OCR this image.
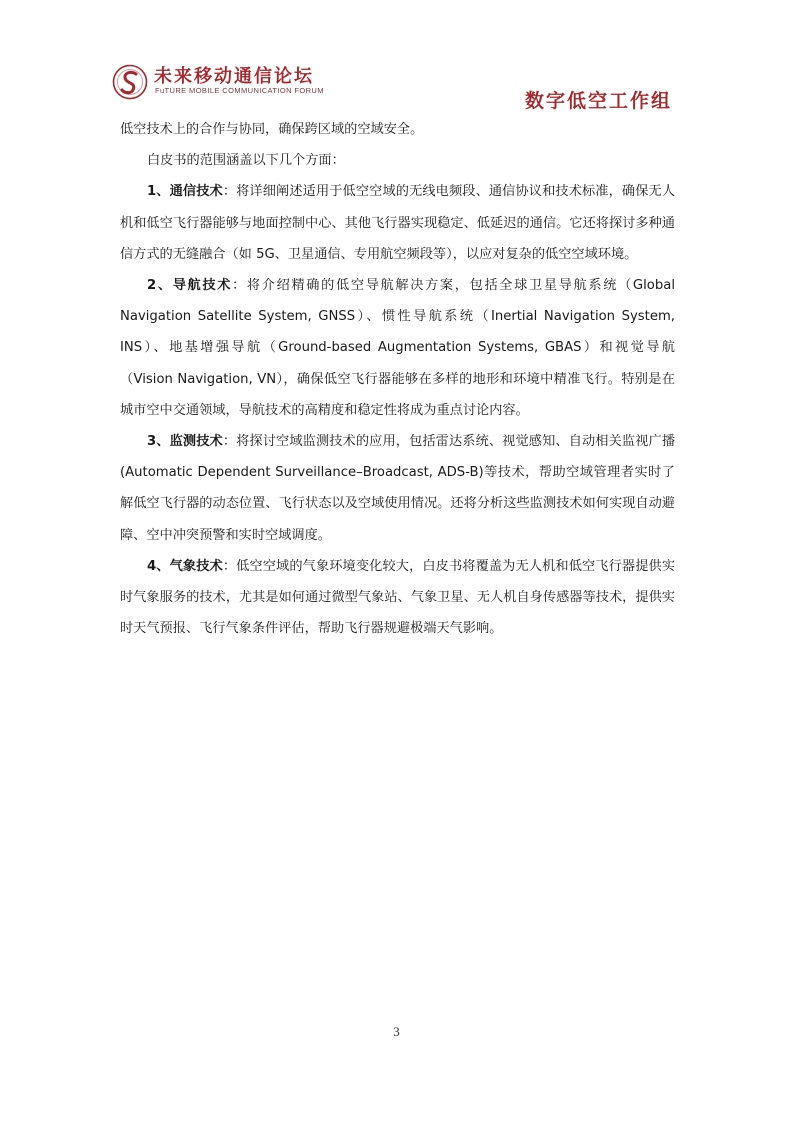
未来移动通信论坛
FuTURE MOBILE COMMUNICATION FORUM	数字低空工作组

低空技术上的合作与协同，确保跨区域的空域安全。

白皮书的范围涵盖以下几个方面：

1、通信技术：将详细阐述适用于低空空域的无线电频段、通信协议和技术标准，确保无人机和低空飞行器能够与地面控制中心、其他飞行器实现稳定、低延迟的通信。它还将探讨多种通信方式的无缝融合（如 5G、卫星通信、专用航空频段等），以应对复杂的低空空域环境。

2、导航技术：将介绍精确的低空导航解决方案，包括全球卫星导航系统（Global Navigation Satellite System, GNSS）、惯性导航系统（Inertial Navigation System, INS）、地基增强导航（Ground-based Augmentation Systems, GBAS）和视觉导航（Vision Navigation, VN），确保低空飞行器能够在多样的地形和环境中精准飞行。特别是在城市空中交通领域，导航技术的高精度和稳定性将成为重点讨论内容。

3、监测技术：将探讨空域监测技术的应用，包括雷达系统、视觉感知、自动相关监视广播(Automatic Dependent Surveillance–Broadcast, ADS-B)等技术，帮助空域管理者实时了解低空飞行器的动态位置、飞行状态以及空域使用情况。还将分析这些监测技术如何实现自动避障、空中冲突预警和实时空域调度。

4、气象技术：低空空域的气象环境变化较大，白皮书将覆盖为无人机和低空飞行器提供实时气象服务的技术，尤其是如何通过微型气象站、气象卫星、无人机自身传感器等技术，提供实时天气预报、飞行气象条件评估，帮助飞行器规避极端天气影响。

3
